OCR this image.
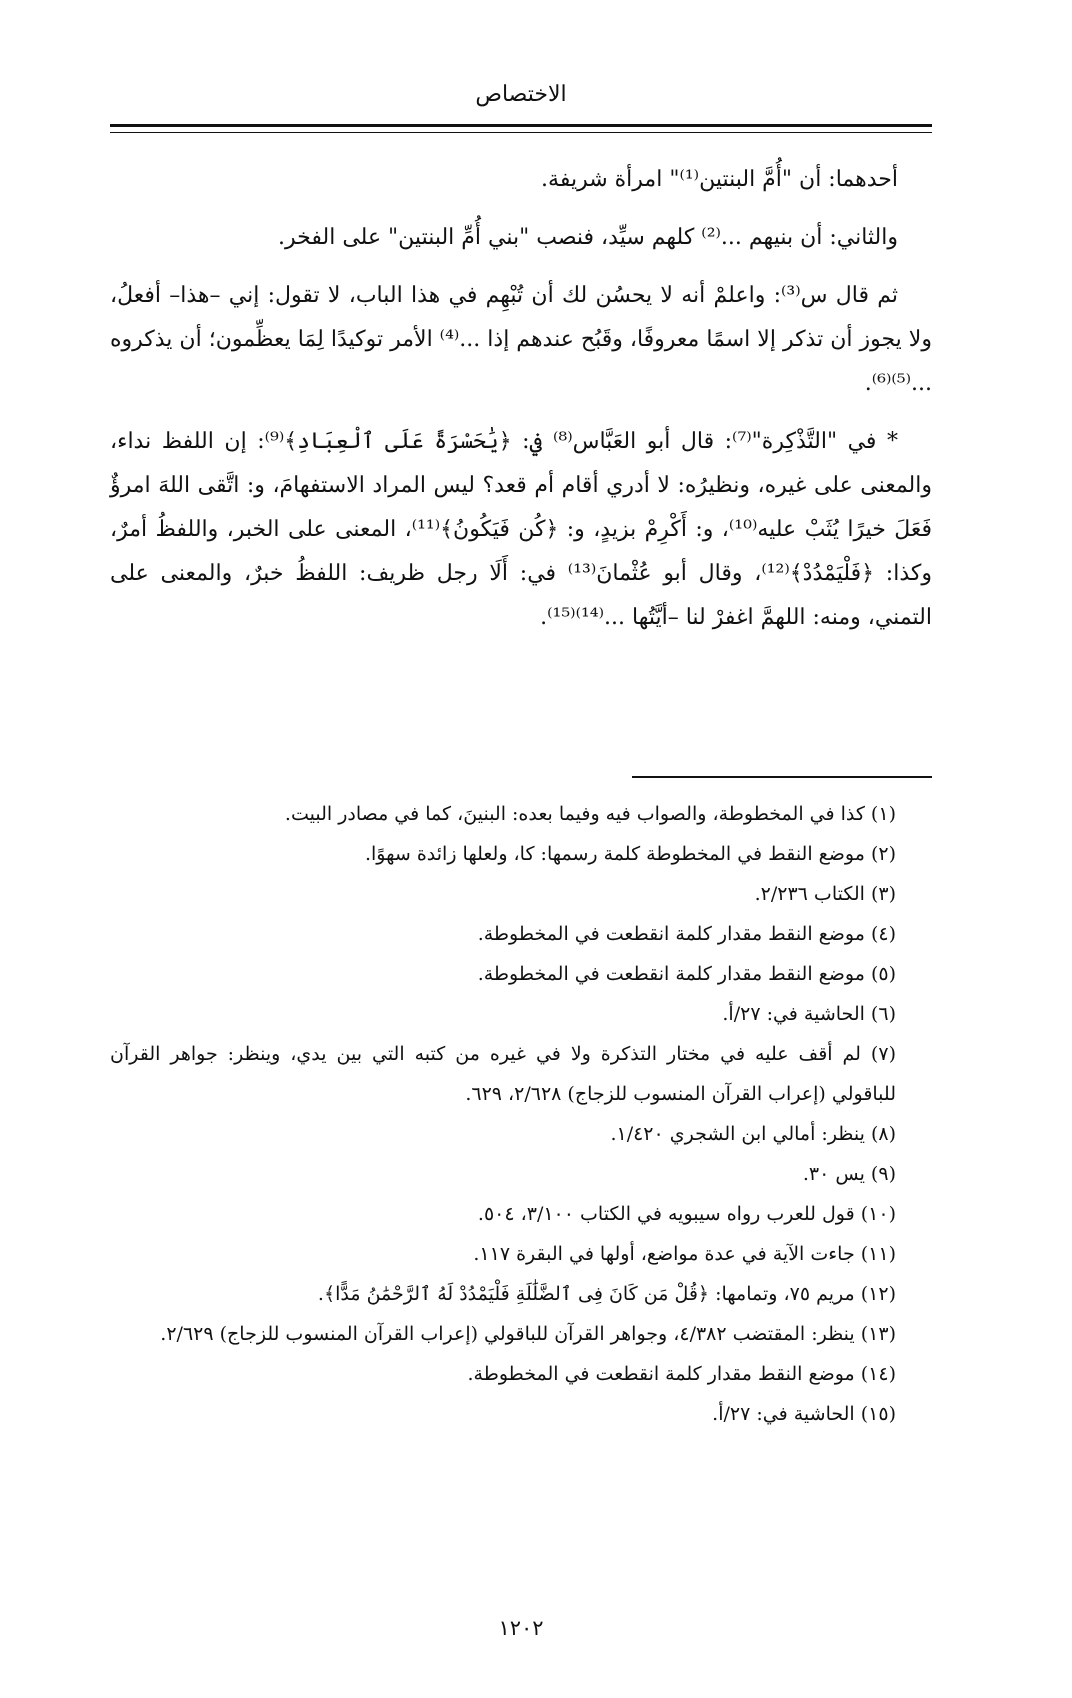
الاختصاص

أحدهما: أن "أُمَّ البنتين⁽¹⁾" امرأة شريفة.

والثاني: أن بنيهم ...⁽²⁾ كلهم سيِّد، فنصب "بني أُمِّ البنتين" على الفخر.

ثم قال س⁽³⁾: واعلمْ أنه لا يحسُن لك أن تُبْهِم في هذا الباب، لا تقول: إني –هذا– أفعلُ، ولا يجوز أن تذكر إلا اسمًا معروفًا، وقَبُح عندهم إذا ...⁽⁴⁾ الأمر توكيدًا لِمَا يعظِّمون؛ أن يذكروه ...⁽⁵⁾⁽⁶⁾.

* في "التَّذْكِرة"⁽⁷⁾: قال أبو العَبَّاس⁽⁸⁾ في: ﴿يَٰحَسْرَةً عَلَى ٱلْعِبَادِ﴾⁽⁹⁾: إن اللفظ نداء، والمعنى على غيره، ونظيرُه: لا أدري أقام أم قعد؟ ليس المراد الاستفهامَ، و: اتَّقى اللهَ امرؤٌ فَعَلَ خيرًا يُثَبْ عليه⁽¹⁰⁾، و: أَكْرِمْ بزيدٍ، و: ﴿كُن فَيَكُونُ﴾⁽¹¹⁾، المعنى على الخبر، واللفظُ أمرٌ، وكذا: ﴿فَلْيَمْدُدْ﴾⁽¹²⁾، وقال أبو عُثْمانَ⁽¹³⁾ في: أَلَا رجل ظريف: اللفظُ خبرٌ، والمعنى على التمني، ومنه: اللهمَّ اغفرْ لنا –أيَّتُها ...⁽¹⁴⁾⁽¹⁵⁾.

(١) كذا في المخطوطة، والصواب فيه وفيما بعده: البنينَ، كما في مصادر البيت.

(٢) موضع النقط في المخطوطة كلمة رسمها: كا، ولعلها زائدة سهوًا.

(٣) الكتاب ٢/٢٣٦.

(٤) موضع النقط مقدار كلمة انقطعت في المخطوطة.

(٥) موضع النقط مقدار كلمة انقطعت في المخطوطة.

(٦) الحاشية في: ٢٧/أ.

(٧) لم أقف عليه في مختار التذكرة ولا في غيره من كتبه التي بين يدي، وينظر: جواهر القرآن للباقولي (إعراب القرآن المنسوب للزجاج) ٢/٦٢٨، ٦٢٩.

(٨) ينظر: أمالي ابن الشجري ١/٤٢٠.

(٩) يس ٣٠.

(١٠) قول للعرب رواه سيبويه في الكتاب ٣/١٠٠، ٥٠٤.

(١١) جاءت الآية في عدة مواضع، أولها في البقرة ١١٧.

(١٢) مريم ٧٥، وتمامها: ﴿قُلْ مَن كَانَ فِى ٱلضَّلَٰلَةِ فَلْيَمْدُدْ لَهُ ٱلرَّحْمَٰنُ مَدًّا﴾.

(١٣) ينظر: المقتضب ٤/٣٨٢، وجواهر القرآن للباقولي (إعراب القرآن المنسوب للزجاج) ٢/٦٢٩.

(١٤) موضع النقط مقدار كلمة انقطعت في المخطوطة.

(١٥) الحاشية في: ٢٧/أ.

١٢٠٢
